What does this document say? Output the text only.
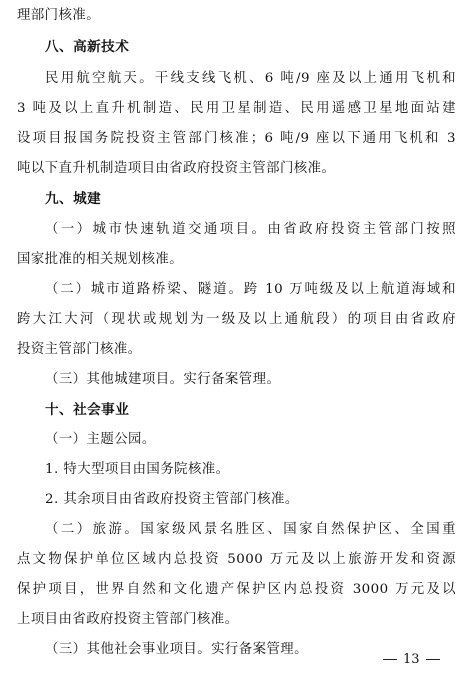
理部门核准。
八、高新技术
民用航空航天。干线支线飞机、6 吨/9 座及以上通用飞机和
3 吨及以上直升机制造、民用卫星制造、民用遥感卫星地面站建
设项目报国务院投资主管部门核准；6 吨/9 座以下通用飞机和 3
吨以下直升机制造项目由省政府投资主管部门核准。
九、城建
（一）城市快速轨道交通项目。由省政府投资主管部门按照
国家批准的相关规划核准。
（二）城市道路桥梁、隧道。跨 10 万吨级及以上航道海域和
跨大江大河（现状或规划为一级及以上通航段）的项目由省政府
投资主管部门核准。
（三）其他城建项目。实行备案管理。
十、社会事业
（一）主题公园。
1. 特大型项目由国务院核准。
2. 其余项目由省政府投资主管部门核准。
（二）旅游。国家级风景名胜区、国家自然保护区、全国重
点文物保护单位区域内总投资 5000 万元及以上旅游开发和资源
保护项目，世界自然和文化遗产保护区内总投资 3000 万元及以
上项目由省政府投资主管部门核准。
（三）其他社会事业项目。实行备案管理。
13
